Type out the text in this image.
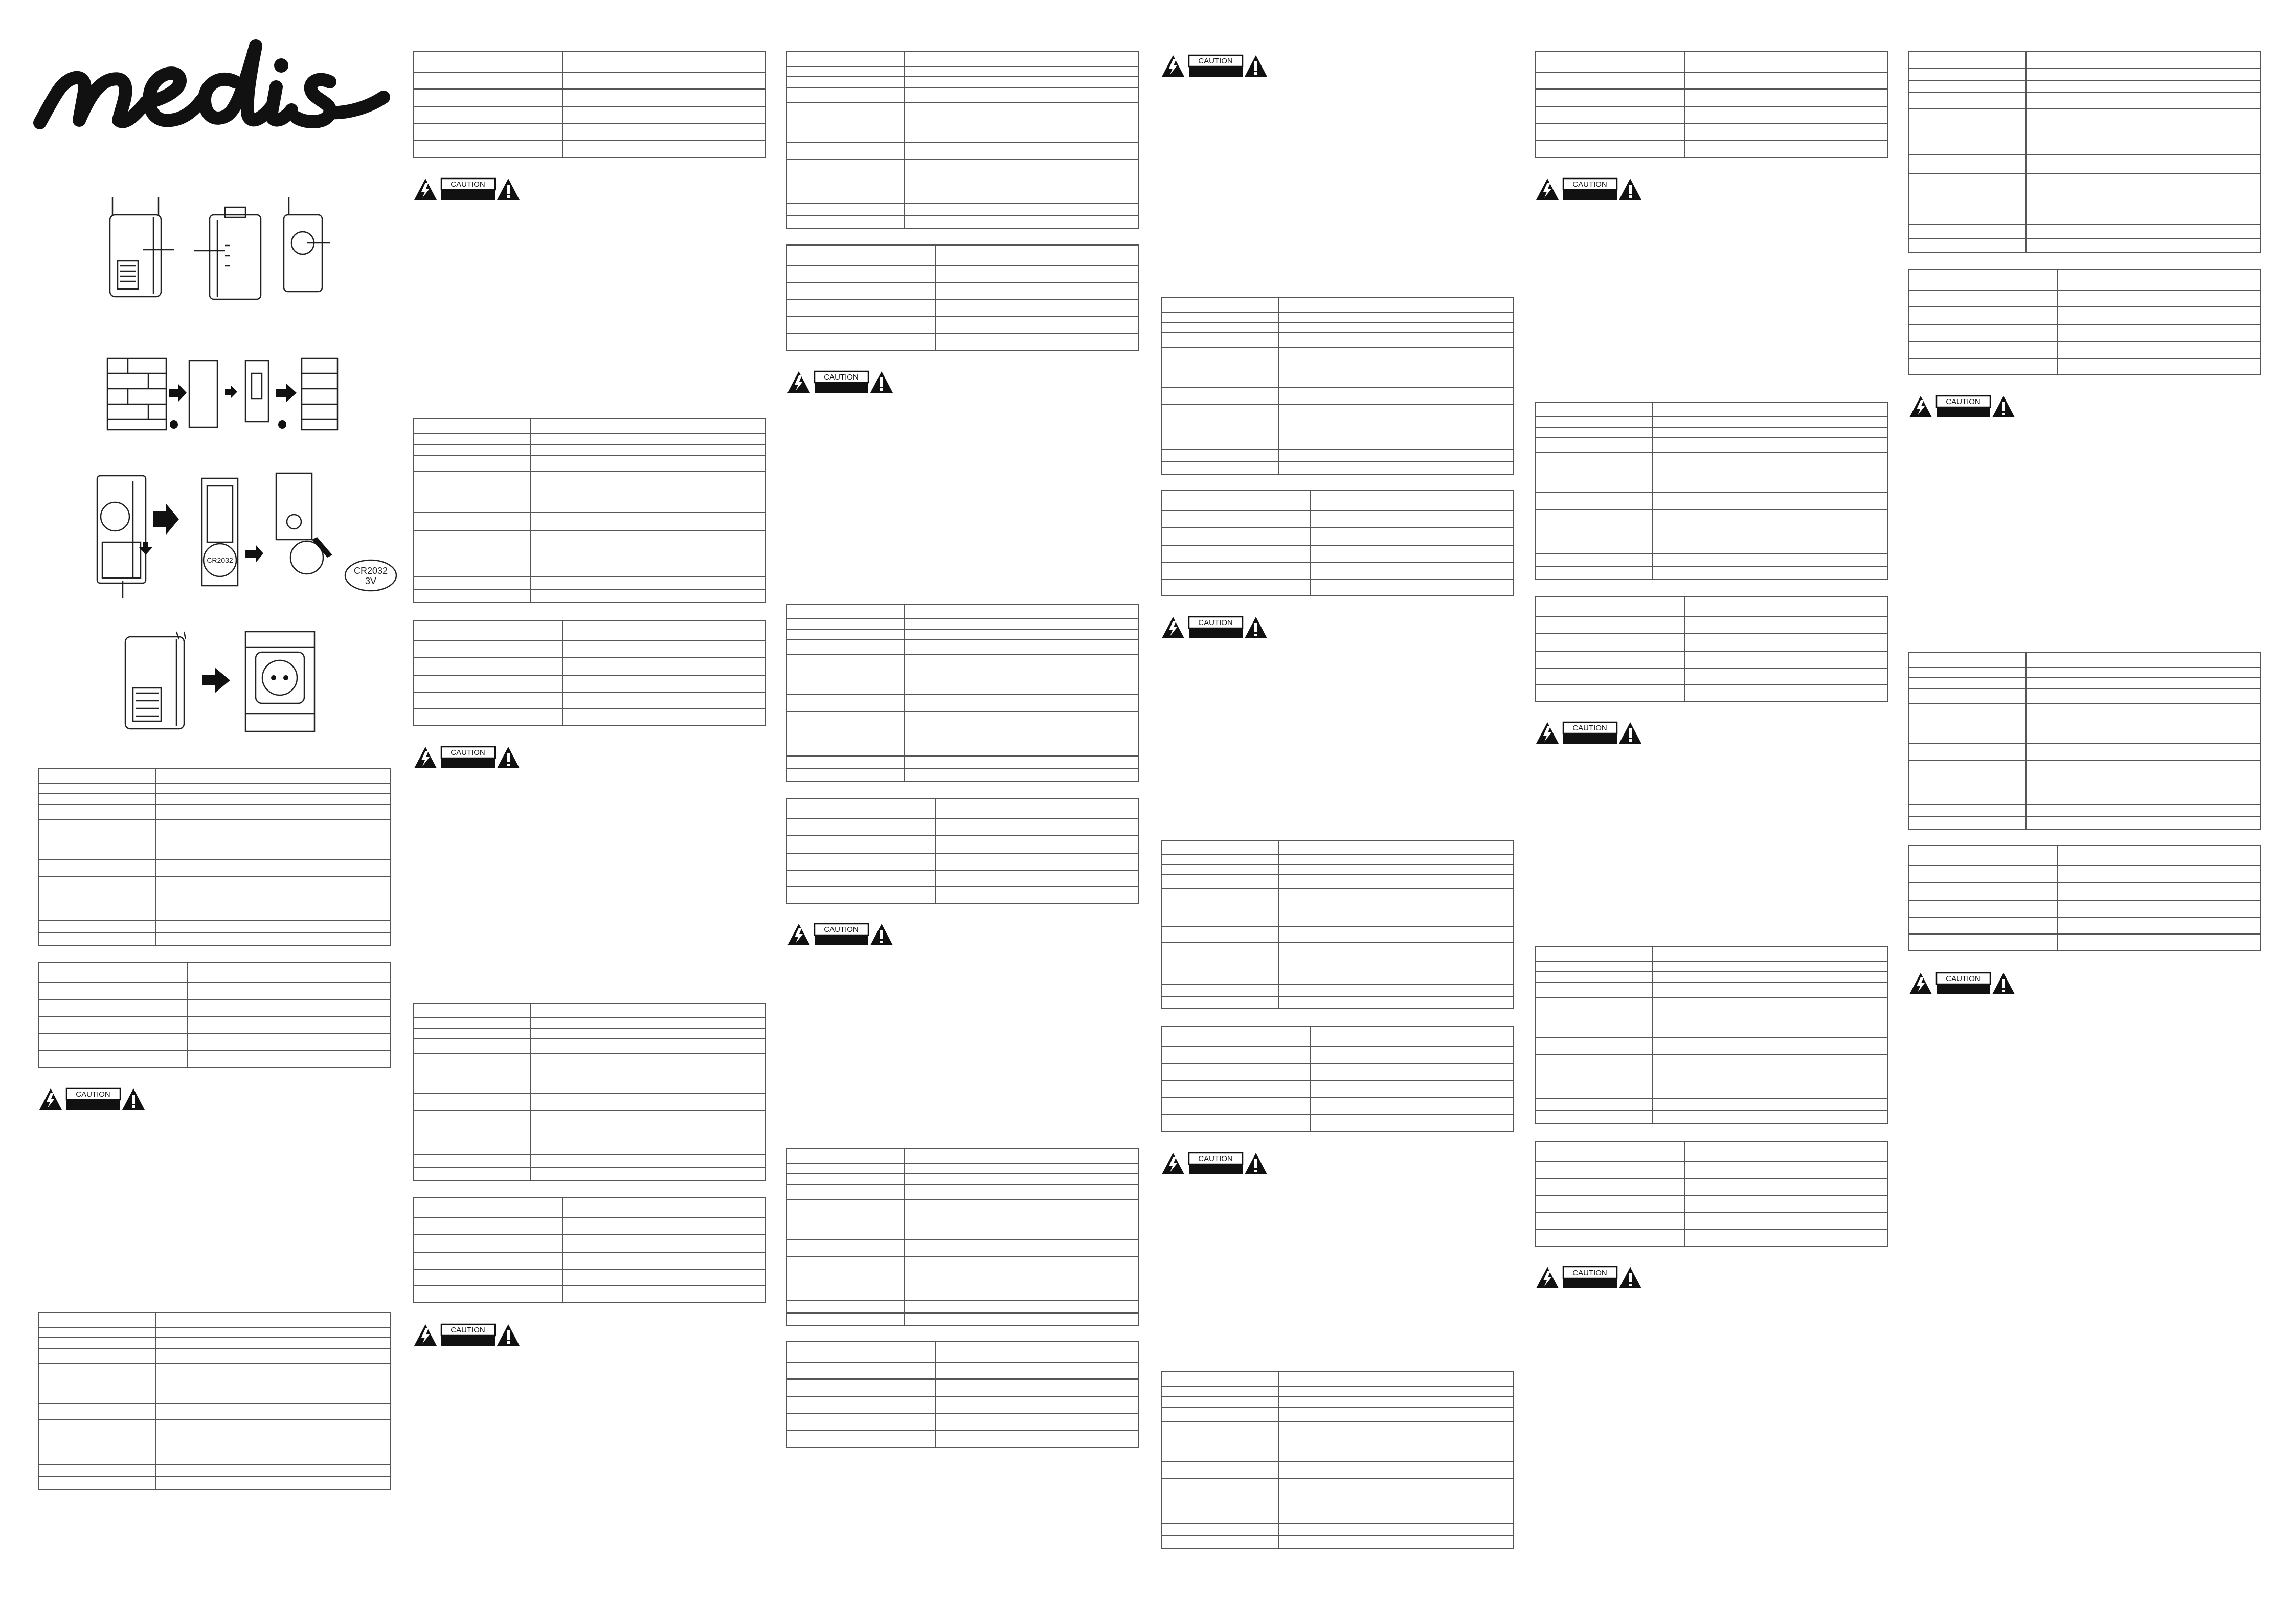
CR2032
CR2032
3V

CAUTION

CAUTION

CAUTION

CAUTION

CAUTION

CAUTION

CAUTION

CAUTION

CAUTION

CAUTION

CAUTION

CAUTION

CAUTION

CAUTION
